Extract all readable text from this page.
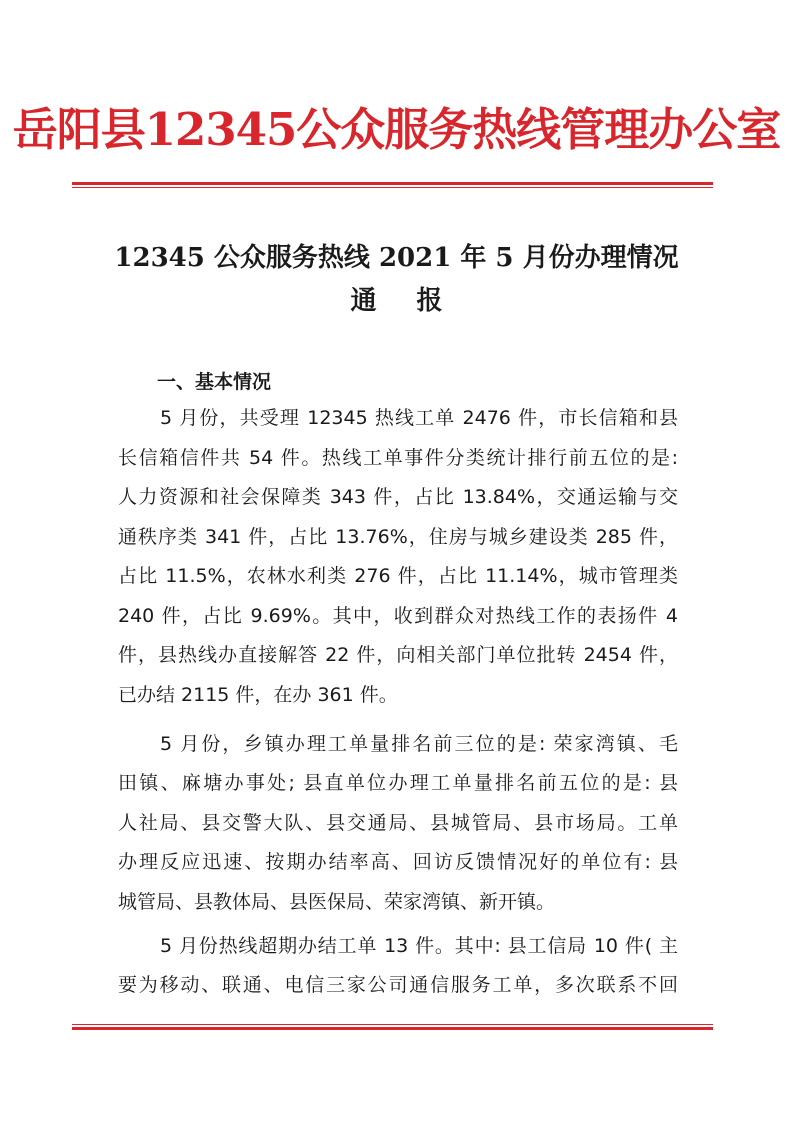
岳阳县12345公众服务热线管理办公室
12345 公众服务热线 2021 年 5 月份办理情况
通报
一、基本情况
5 月份，共受理 12345 热线工单 2476 件，市长信箱和县
长信箱信件共 54 件。热线工单事件分类统计排行前五位的是:
人力资源和社会保障类 343 件，占比 13.84%，交通运输与交
通秩序类 341 件，占比 13.76%，住房与城乡建设类 285 件，
占比 11.5%，农林水利类 276 件，占比 11.14%，城市管理类
240 件，占比 9.69%。其中，收到群众对热线工作的表扬件 4
件，县热线办直接解答 22 件，向相关部门单位批转 2454 件，
已办结 2115 件，在办 361 件。
5 月份，乡镇办理工单量排名前三位的是: 荣家湾镇、毛
田镇、麻塘办事处; 县直单位办理工单量排名前五位的是: 县
人社局、县交警大队、县交通局、县城管局、县市场局。工单
办理反应迅速、按期办结率高、回访反馈情况好的单位有: 县
城管局、县教体局、县医保局、荣家湾镇、新开镇。
5 月份热线超期办结工单 13 件。其中: 县工信局 10 件( 主
要为移动、联通、电信三家公司通信服务工单，多次联系不回
